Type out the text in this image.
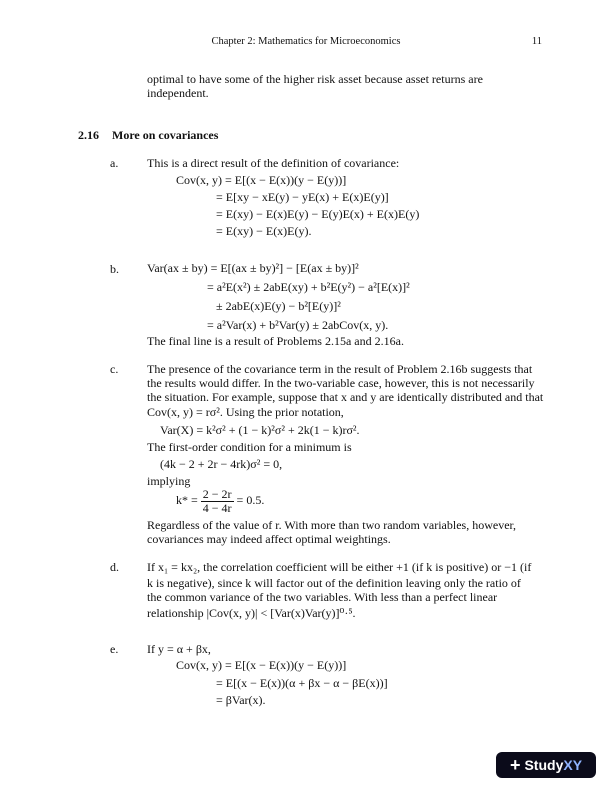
Chapter 2: Mathematics for Microeconomics	11
optimal to have some of the higher risk asset because asset returns are
independent.
2.16 More on covariances
a. This is a direct result of the definition of covariance:
Cov(x, y) = E[(x − E(x))(y − E(y))]
= E[xy − xE(y) − yE(x) + E(x)E(y)]
= E(xy) − E(x)E(y) − E(y)E(x) + E(x)E(y)
= E(xy) − E(x)E(y).
b. Var(ax ± by) = E[(ax ± by)²] − [E(ax ± by)]²
= a²E(x²) ± 2abE(xy) + b²E(y²) − a²[E(x)]²
± 2abE(x)E(y) − b²[E(y)]²
= a²Var(x) + b²Var(y) ± 2abCov(x, y).
The final line is a result of Problems 2.15a and 2.16a.
c. The presence of the covariance term in the result of Problem 2.16b suggests that
the results would differ. In the two-variable case, however, this is not necessarily
the situation. For example, suppose that x and y are identically distributed and that
Cov(x, y) = rσ². Using the prior notation,
Var(X) = k²σ² + (1 − k)²σ² + 2k(1 − k)rσ².
The first-order condition for a minimum is
(4k − 2 + 2r − 4rk)σ² = 0,
implying
$k* = \frac{2 - 2r}{4 - 4r} = 0.5$.
Regardless of the value of r. With more than two random variables, however,
covariances may indeed affect optimal weightings.
d. If x₁ = kx₂, the correlation coefficient will be either +1 (if k is positive) or −1 (if
k is negative), since k will factor out of the definition leaving only the ratio of
the common variance of the two variables. With less than a perfect linear
relationship |Cov(x, y)| < [Var(x)Var(y)]⁰·⁵.
e. If y = α + βx,
Cov(x, y) = E[(x − E(x))(y − E(y))]
= E[(x − E(x))(α + βx − α − βE(x))]
= βVar(x).
+ StudyXY
